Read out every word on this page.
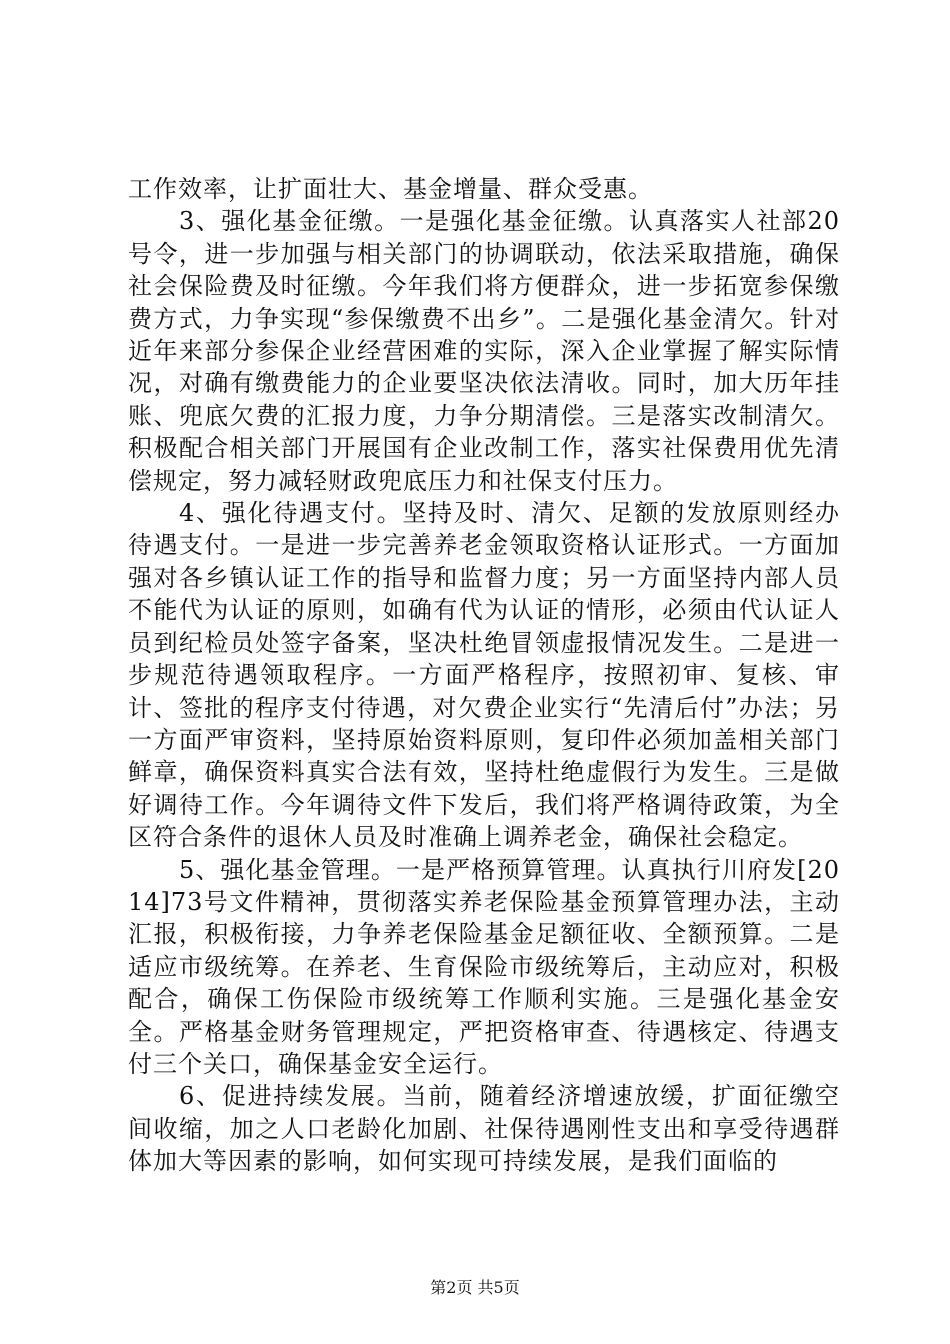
工作效率，让扩面壮大、基金增量、群众受惠。

3、强化基金征缴。一是强化基金征缴。认真落实人社部20号令，进一步加强与相关部门的协调联动，依法采取措施，确保社会保险费及时征缴。今年我们将方便群众，进一步拓宽参保缴费方式，力争实现“参保缴费不出乡”。二是强化基金清欠。针对近年来部分参保企业经营困难的实际，深入企业掌握了解实际情况，对确有缴费能力的企业要坚决依法清收。同时，加大历年挂账、兜底欠费的汇报力度，力争分期清偿。三是落实改制清欠。积极配合相关部门开展国有企业改制工作，落实社保费用优先清偿规定，努力减轻财政兜底压力和社保支付压力。

4、强化待遇支付。坚持及时、清欠、足额的发放原则经办待遇支付。一是进一步完善养老金领取资格认证形式。一方面加强对各乡镇认证工作的指导和监督力度；另一方面坚持内部人员不能代为认证的原则，如确有代为认证的情形，必须由代认证人员到纪检员处签字备案，坚决杜绝冒领虚报情况发生。二是进一步规范待遇领取程序。一方面严格程序，按照初审、复核、审计、签批的程序支付待遇，对欠费企业实行“先清后付”办法；另一方面严审资料，坚持原始资料原则，复印件必须加盖相关部门鲜章，确保资料真实合法有效，坚持杜绝虚假行为发生。三是做好调待工作。今年调待文件下发后，我们将严格调待政策，为全区符合条件的退休人员及时准确上调养老金，确保社会稳定。

5、强化基金管理。一是严格预算管理。认真执行川府发[2014]73号文件精神，贯彻落实养老保险基金预算管理办法，主动汇报，积极衔接，力争养老保险基金足额征收、全额预算。二是适应市级统筹。在养老、生育保险市级统筹后，主动应对，积极配合，确保工伤保险市级统筹工作顺利实施。三是强化基金安全。严格基金财务管理规定，严把资格审查、待遇核定、待遇支付三个关口，确保基金安全运行。

6、促进持续发展。当前，随着经济增速放缓，扩面征缴空间收缩，加之人口老龄化加剧、社保待遇刚性支出和享受待遇群体加大等因素的影响，如何实现可持续发展，是我们面临的

第2页 共5页
